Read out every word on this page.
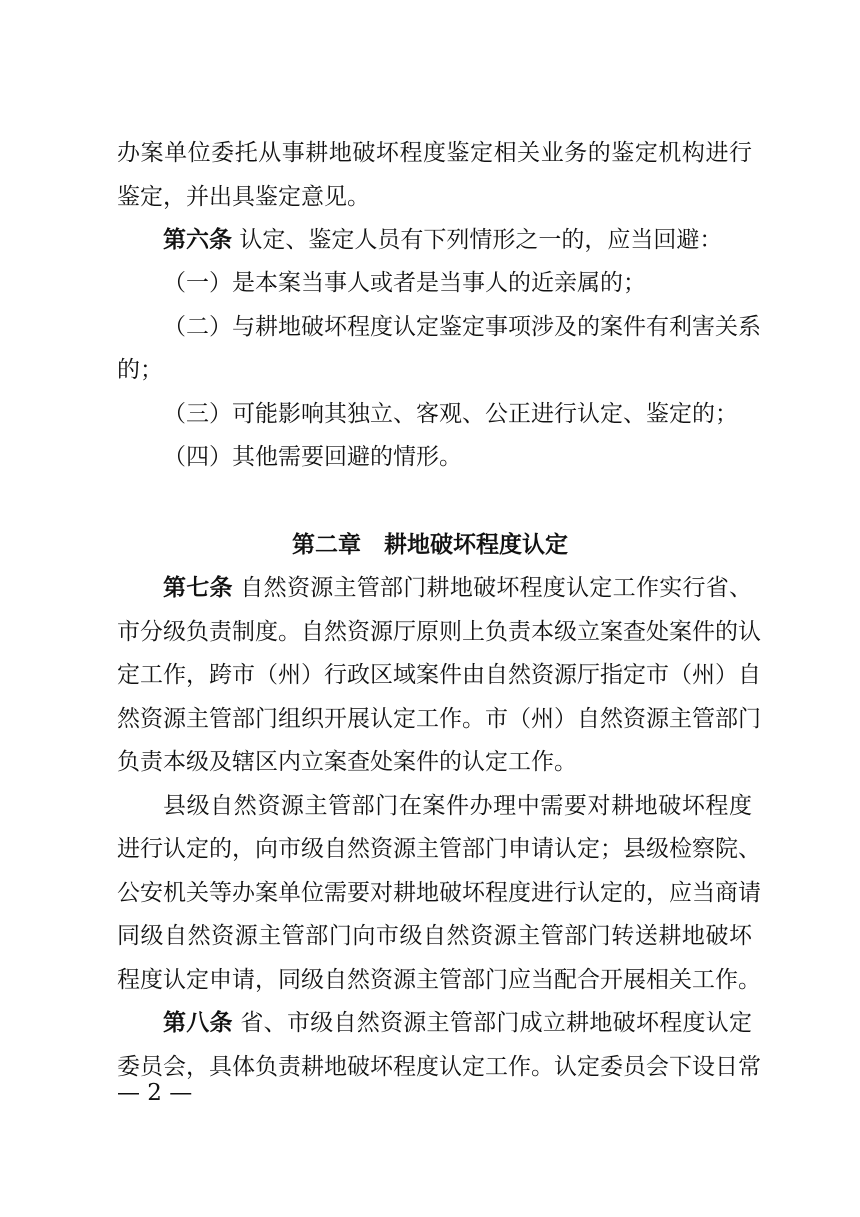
办案单位委托从事耕地破坏程度鉴定相关业务的鉴定机构进行
鉴定，并出具鉴定意见。
第六条 认定、鉴定人员有下列情形之一的，应当回避：
（一）是本案当事人或者是当事人的近亲属的；
（二）与耕地破坏程度认定鉴定事项涉及的案件有利害关系
的；
（三）可能影响其独立、客观、公正进行认定、鉴定的；
（四）其他需要回避的情形。
第二章　耕地破坏程度认定
第七条 自然资源主管部门耕地破坏程度认定工作实行省、
市分级负责制度。自然资源厅原则上负责本级立案查处案件的认
定工作，跨市（州）行政区域案件由自然资源厅指定市（州）自
然资源主管部门组织开展认定工作。市（州）自然资源主管部门
负责本级及辖区内立案查处案件的认定工作。
县级自然资源主管部门在案件办理中需要对耕地破坏程度
进行认定的，向市级自然资源主管部门申请认定；县级检察院、
公安机关等办案单位需要对耕地破坏程度进行认定的，应当商请
同级自然资源主管部门向市级自然资源主管部门转送耕地破坏
程度认定申请，同级自然资源主管部门应当配合开展相关工作。
第八条 省、市级自然资源主管部门成立耕地破坏程度认定
委员会，具体负责耕地破坏程度认定工作。认定委员会下设日常
— 2 —
